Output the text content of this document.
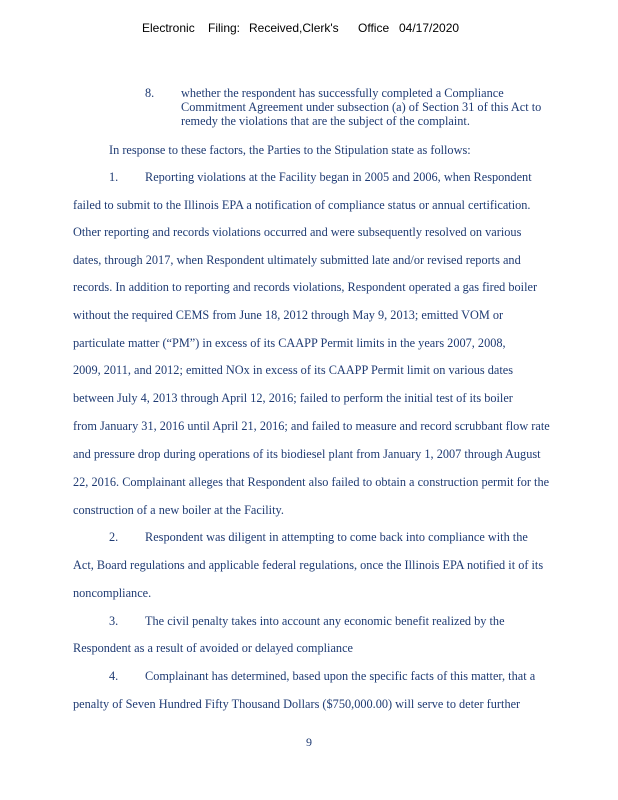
Electronic Filing: Received,Clerk's Office 04/17/2020
8. whether the respondent has successfully completed a Compliance
Commitment Agreement under subsection (a) of Section 31 of this Act to
remedy the violations that are the subject of the complaint.
In response to these factors, the Parties to the Stipulation state as follows:
1. Reporting violations at the Facility began in 2005 and 2006, when Respondent
failed to submit to the Illinois EPA a notification of compliance status or annual certification.
Other reporting and records violations occurred and were subsequently resolved on various
dates, through 2017, when Respondent ultimately submitted late and/or revised reports and
records. In addition to reporting and records violations, Respondent operated a gas fired boiler
without the required CEMS from June 18, 2012 through May 9, 2013; emitted VOM or
particulate matter (“PM”) in excess of its CAAPP Permit limits in the years 2007, 2008,
2009, 2011, and 2012; emitted NOx in excess of its CAAPP Permit limit on various dates
between July 4, 2013 through April 12, 2016; failed to perform the initial test of its boiler
from January 31, 2016 until April 21, 2016; and failed to measure and record scrubbant flow rate
and pressure drop during operations of its biodiesel plant from January 1, 2007 through August
22, 2016. Complainant alleges that Respondent also failed to obtain a construction permit for the
construction of a new boiler at the Facility.
2. Respondent was diligent in attempting to come back into compliance with the
Act, Board regulations and applicable federal regulations, once the Illinois EPA notified it of its
noncompliance.
3. The civil penalty takes into account any economic benefit realized by the
Respondent as a result of avoided or delayed compliance
4. Complainant has determined, based upon the specific facts of this matter, that a
penalty of Seven Hundred Fifty Thousand Dollars ($750,000.00) will serve to deter further
9
